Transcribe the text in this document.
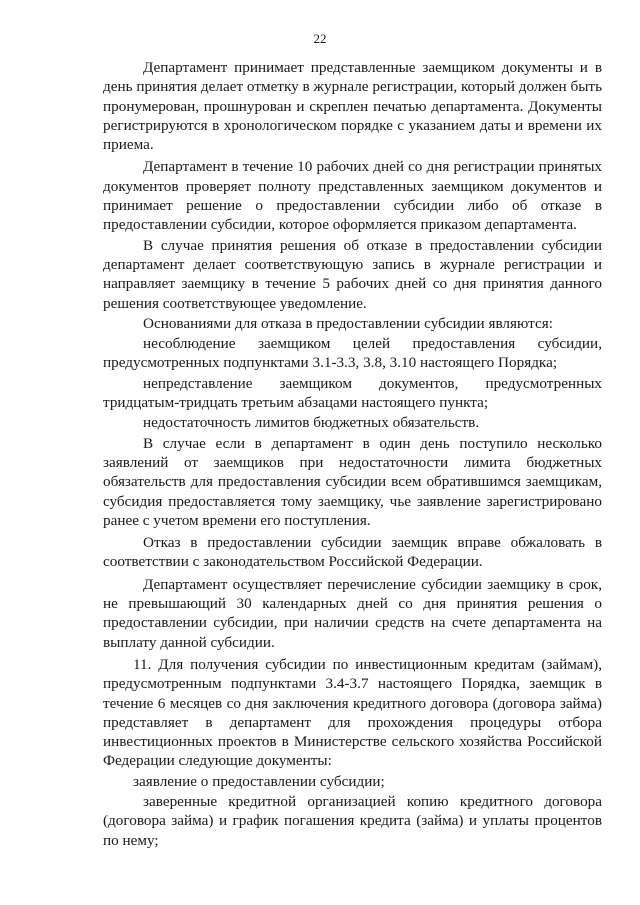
22

Департамент принимает представленные заемщиком документы и в день принятия делает отметку в журнале регистрации, который должен быть пронумерован, прошнурован и скреплен печатью департамента. Документы регистрируются в хронологическом порядке с указанием даты и времени их приема.

Департамент в течение 10 рабочих дней со дня регистрации принятых документов проверяет полноту представленных заемщиком документов и принимает решение о предоставлении субсидии либо об отказе в предоставлении субсидии, которое оформляется приказом департамента.

В случае принятия решения об отказе в предоставлении субсидии департамент делает соответствующую запись в журнале регистрации и направляет заемщику в течение 5 рабочих дней со дня принятия данного решения соответствующее уведомление.

Основаниями для отказа в предоставлении субсидии являются:

несоблюдение заемщиком целей предоставления субсидии, предусмотренных подпунктами 3.1-3.3, 3.8, 3.10 настоящего Порядка;

непредставление заемщиком документов, предусмотренных тридцатым-тридцать третьим абзацами настоящего пункта;

недостаточность лимитов бюджетных обязательств.

В случае если в департамент в один день поступило несколько заявлений от заемщиков при недостаточности лимита бюджетных обязательств для предоставления субсидии всем обратившимся заемщикам, субсидия предоставляется тому заемщику, чье заявление зарегистрировано ранее с учетом времени его поступления.

Отказ в предоставлении субсидии заемщик вправе обжаловать в соответствии с законодательством Российской Федерации.

Департамент осуществляет перечисление субсидии заемщику в срок, не превышающий 30 календарных дней со дня принятия решения о предоставлении субсидии, при наличии средств на счете департамента на выплату данной субсидии.

11. Для получения субсидии по инвестиционным кредитам (займам), предусмотренным подпунктами 3.4-3.7 настоящего Порядка, заемщик в течение 6 месяцев со дня заключения кредитного договора (договора займа) представляет в департамент для прохождения процедуры отбора инвестиционных проектов в Министерстве сельского хозяйства Российской Федерации следующие документы:

заявление о предоставлении субсидии;

заверенные кредитной организацией копию кредитного договора (договора займа) и график погашения кредита (займа) и уплаты процентов по нему;
